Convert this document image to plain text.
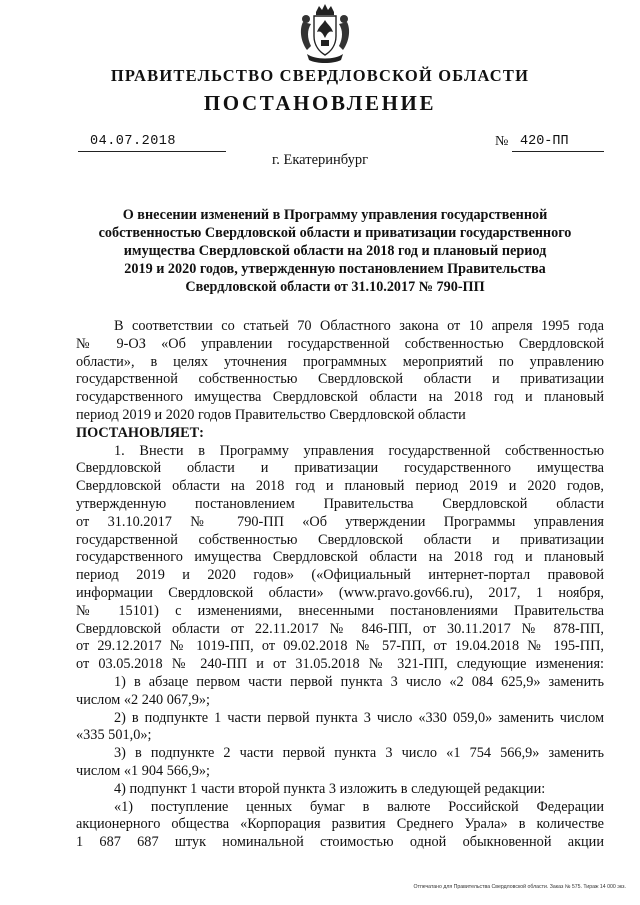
ПРАВИТЕЛЬСТВО СВЕРДЛОВСКОЙ ОБЛАСТИ
ПОСТАНОВЛЕНИЕ
04.07.2018	№ 420-ПП
г. Екатеринбург
О внесении изменений в Программу управления государственной
собственностью Свердловской области и приватизации государственного
имущества Свердловской области на 2018 год и плановый период
2019 и 2020 годов, утвержденную постановлением Правительства
Свердловской области от 31.10.2017 № 790-ПП
В соответствии со статьей 70 Областного закона от 10 апреля 1995 года
№ 9-ОЗ «Об управлении государственной собственностью Свердловской
области», в целях уточнения программных мероприятий по управлению
государственной собственностью Свердловской области и приватизации
государственного имущества Свердловской области на 2018 год и плановый
период 2019 и 2020 годов Правительство Свердловской области
ПОСТАНОВЛЯЕТ:
1. Внести в Программу управления государственной собственностью
Свердловской области и приватизации государственного имущества
Свердловской области на 2018 год и плановый период 2019 и 2020 годов,
утвержденную постановлением Правительства Свердловской области
от 31.10.2017 № 790-ПП «Об утверждении Программы управления
государственной собственностью Свердловской области и приватизации
государственного имущества Свердловской области на 2018 год и плановый
период 2019 и 2020 годов» («Официальный интернет-портал правовой
информации Свердловской области» (www.pravo.gov66.ru), 2017, 1 ноября,
№ 15101) с изменениями, внесенными постановлениями Правительства
Свердловской области от 22.11.2017 № 846-ПП, от 30.11.2017 № 878-ПП,
от 29.12.2017 № 1019-ПП, от 09.02.2018 № 57-ПП, от 19.04.2018 № 195-ПП,
от 03.05.2018 № 240-ПП и от 31.05.2018 № 321-ПП, следующие изменения:
1) в абзаце первом части первой пункта 3 число «2 084 625,9» заменить
числом «2 240 067,9»;
2) в подпункте 1 части первой пункта 3 число «330 059,0» заменить числом
«335 501,0»;
3) в подпункте 2 части первой пункта 3 число «1 754 566,9» заменить
числом «1 904 566,9»;
4) подпункт 1 части второй пункта 3 изложить в следующей редакции:
«1) поступление ценных бумаг в валюте Российской Федерации
акционерного общества «Корпорация развития Среднего Урала» в количестве
1 687 687 штук номинальной стоимостью одной обыкновенной акции
Отпечатано для Правительства Свердловской области. Заказ № 575. Тираж 14 000 экз.
